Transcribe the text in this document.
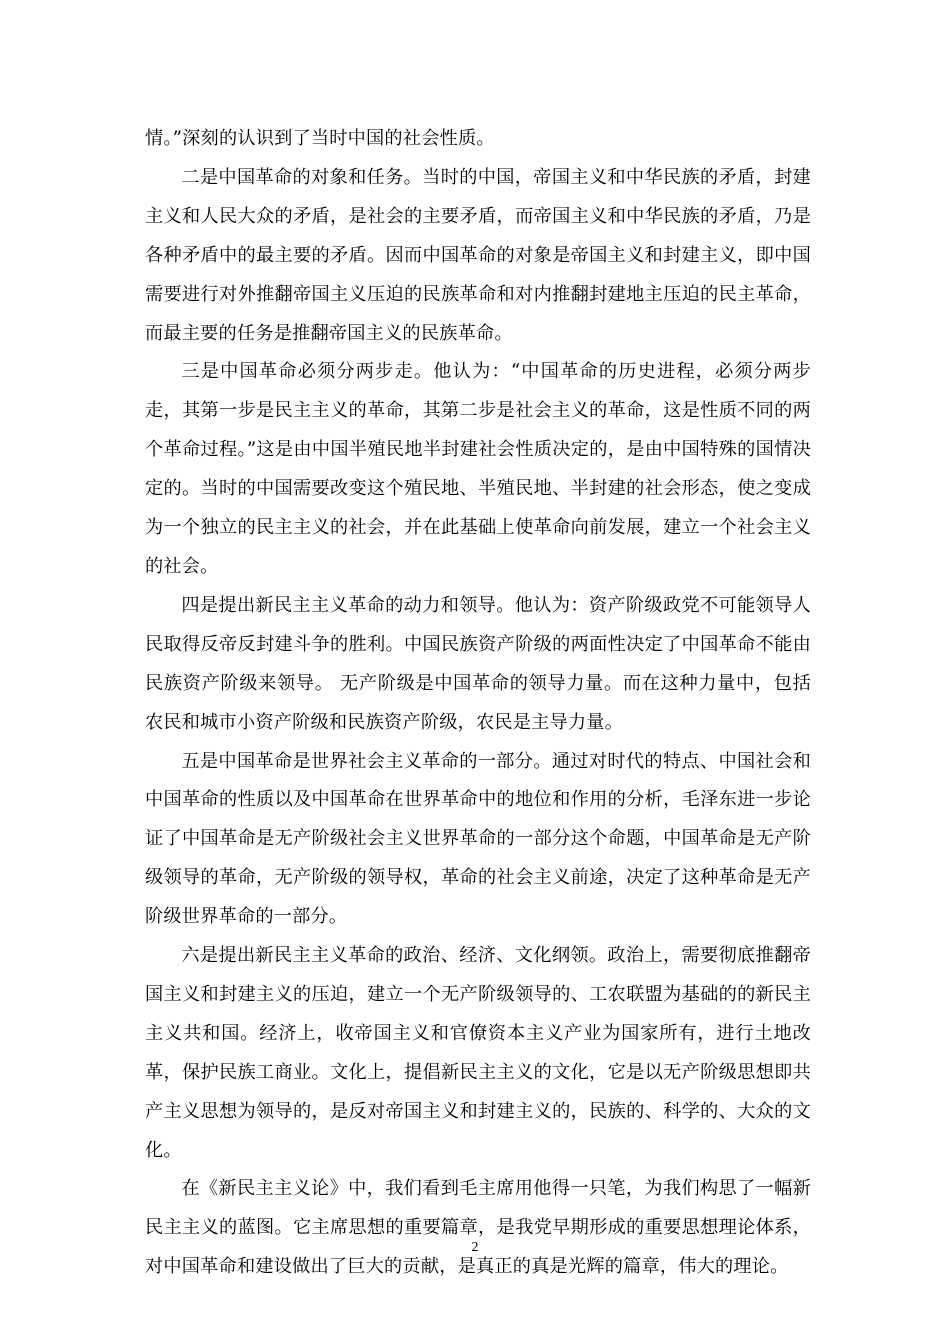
情。”深刻的认识到了当时中国的社会性质。

二是中国革命的对象和任务。当时的中国，帝国主义和中华民族的矛盾，封建主义和人民大众的矛盾，是社会的主要矛盾，而帝国主义和中华民族的矛盾，乃是各种矛盾中的最主要的矛盾。因而中国革命的对象是帝国主义和封建主义，即中国需要进行对外推翻帝国主义压迫的民族革命和对内推翻封建地主压迫的民主革命，而最主要的任务是推翻帝国主义的民族革命。

三是中国革命必须分两步走。他认为：“中国革命的历史进程，必须分两步走，其第一步是民主主义的革命，其第二步是社会主义的革命，这是性质不同的两个革命过程。”这是由中国半殖民地半封建社会性质决定的，是由中国特殊的国情决定的。当时的中国需要改变这个殖民地、半殖民地、半封建的社会形态，使之变成为一个独立的民主主义的社会，并在此基础上使革命向前发展，建立一个社会主义的社会。

四是提出新民主主义革命的动力和领导。他认为：资产阶级政党不可能领导人民取得反帝反封建斗争的胜利。中国民族资产阶级的两面性决定了中国革命不能由民族资产阶级来领导。 无产阶级是中国革命的领导力量。而在这种力量中，包括农民和城市小资产阶级和民族资产阶级，农民是主导力量。

五是中国革命是世界社会主义革命的一部分。通过对时代的特点、中国社会和中国革命的性质以及中国革命在世界革命中的地位和作用的分析，毛泽东进一步论证了中国革命是无产阶级社会主义世界革命的一部分这个命题，中国革命是无产阶级领导的革命，无产阶级的领导权，革命的社会主义前途，决定了这种革命是无产阶级世界革命的一部分。

六是提出新民主主义革命的政治、经济、文化纲领。政治上，需要彻底推翻帝国主义和封建主义的压迫，建立一个无产阶级领导的、工农联盟为基础的的新民主主义共和国。经济上，收帝国主义和官僚资本主义产业为国家所有，进行土地改革，保护民族工商业。文化上，提倡新民主主义的文化，它是以无产阶级思想即共产主义思想为领导的，是反对帝国主义和封建主义的，民族的、科学的、大众的文化。

在《新民主主义论》中，我们看到毛主席用他得一只笔，为我们构思了一幅新民主主义的蓝图。它主席思想的重要篇章，是我党早期形成的重要思想理论体系，对中国革命和建设做出了巨大的贡献，是真正的真是光辉的篇章，伟大的理论。

2
